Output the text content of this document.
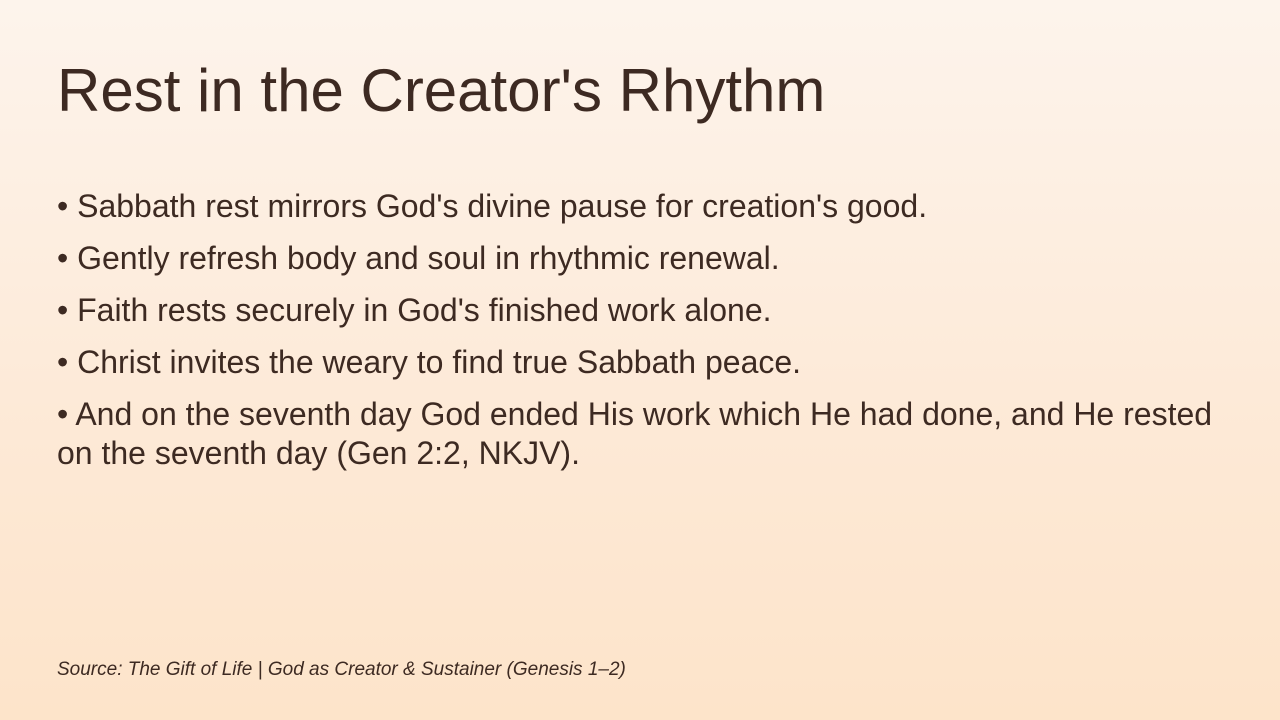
Rest in the Creator's Rhythm
• Sabbath rest mirrors God's divine pause for creation's good.
• Gently refresh body and soul in rhythmic renewal.
• Faith rests securely in God's finished work alone.
• Christ invites the weary to find true Sabbath peace.
• And on the seventh day God ended His work which He had done, and He rested on the seventh day (Gen 2:2, NKJV).

Source: The Gift of Life | God as Creator & Sustainer (Genesis 1–2)
